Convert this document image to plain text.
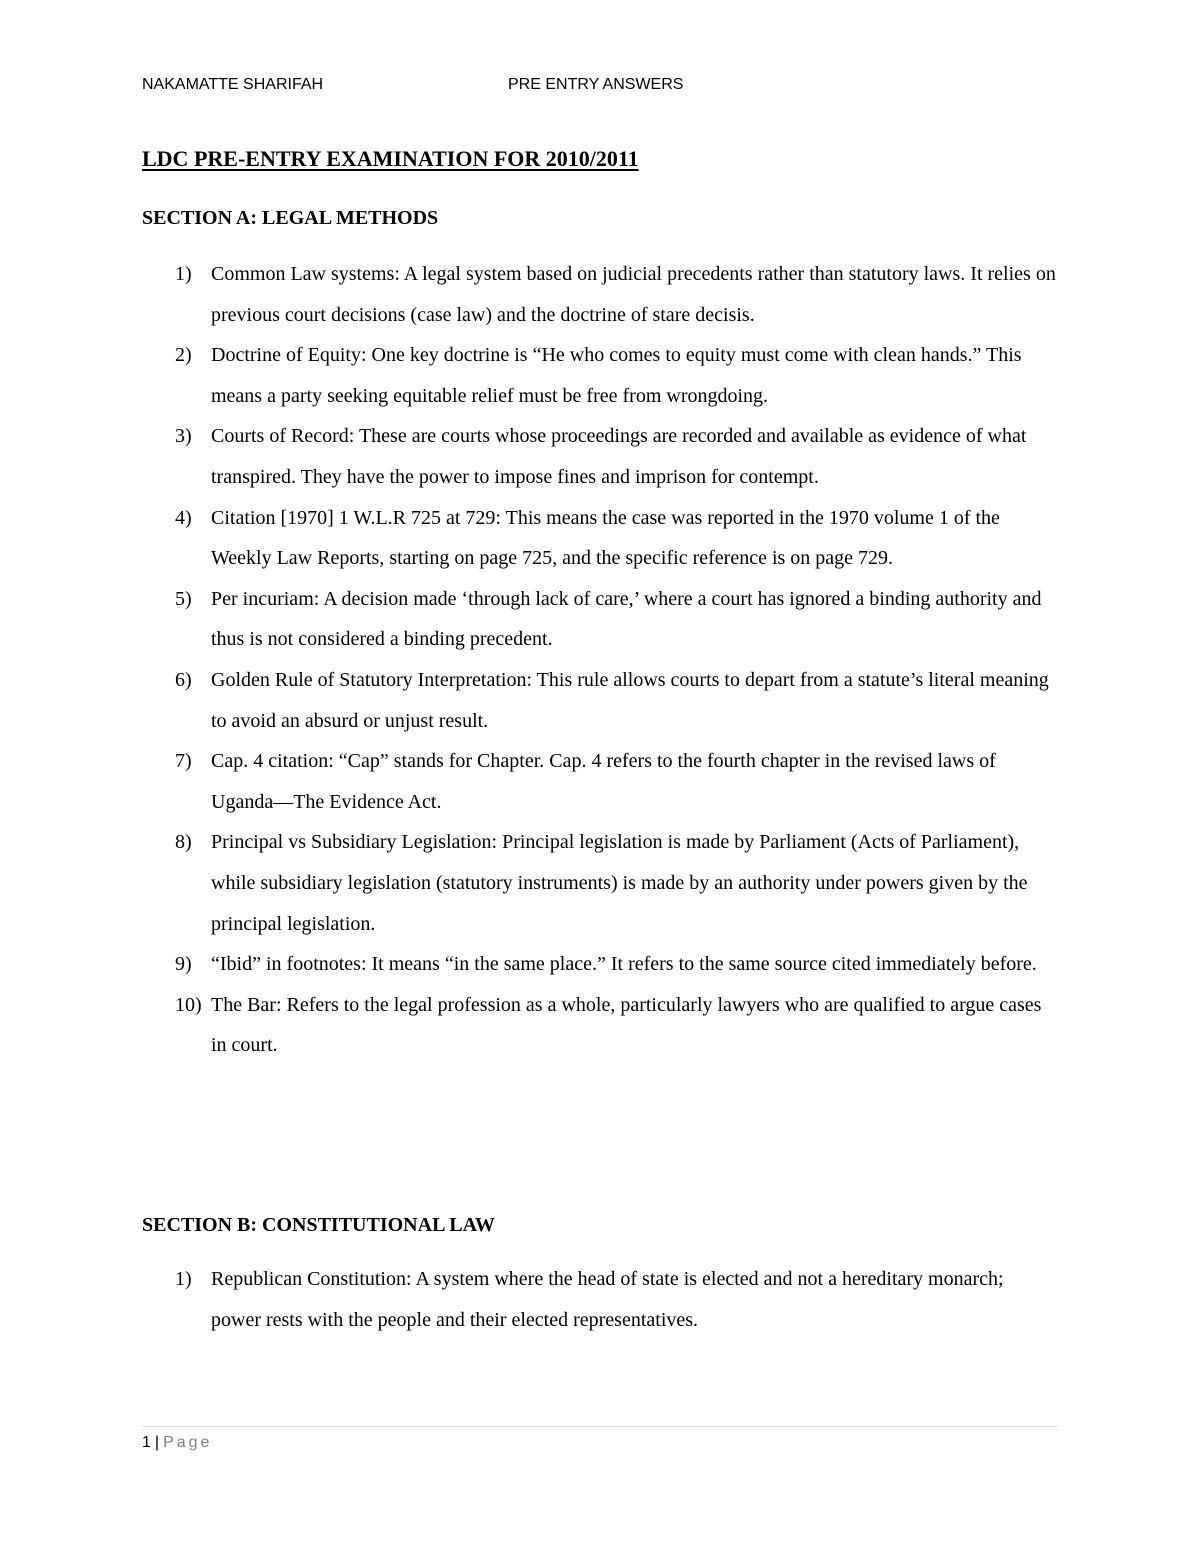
NAKAMATTE SHARIFAH	PRE ENTRY ANSWERS
LDC PRE-ENTRY EXAMINATION FOR 2010/2011
SECTION A: LEGAL METHODS
1) Common Law systems: A legal system based on judicial precedents rather than statutory laws. It relies on previous court decisions (case law) and the doctrine of stare decisis.
2) Doctrine of Equity: One key doctrine is “He who comes to equity must come with clean hands.” This means a party seeking equitable relief must be free from wrongdoing.
3) Courts of Record: These are courts whose proceedings are recorded and available as evidence of what transpired. They have the power to impose fines and imprison for contempt.
4) Citation [1970] 1 W.L.R 725 at 729: This means the case was reported in the 1970 volume 1 of the Weekly Law Reports, starting on page 725, and the specific reference is on page 729.
5) Per incuriam: A decision made ‘through lack of care,’ where a court has ignored a binding authority and thus is not considered a binding precedent.
6) Golden Rule of Statutory Interpretation: This rule allows courts to depart from a statute’s literal meaning to avoid an absurd or unjust result.
7) Cap. 4 citation: “Cap” stands for Chapter. Cap. 4 refers to the fourth chapter in the revised laws of Uganda—The Evidence Act.
8) Principal vs Subsidiary Legislation: Principal legislation is made by Parliament (Acts of Parliament), while subsidiary legislation (statutory instruments) is made by an authority under powers given by the principal legislation.
9) “Ibid” in footnotes: It means “in the same place.” It refers to the same source cited immediately before.
10) The Bar: Refers to the legal profession as a whole, particularly lawyers who are qualified to argue cases in court.
SECTION B: CONSTITUTIONAL LAW
1) Republican Constitution: A system where the head of state is elected and not a hereditary monarch; power rests with the people and their elected representatives.
1 | Page
